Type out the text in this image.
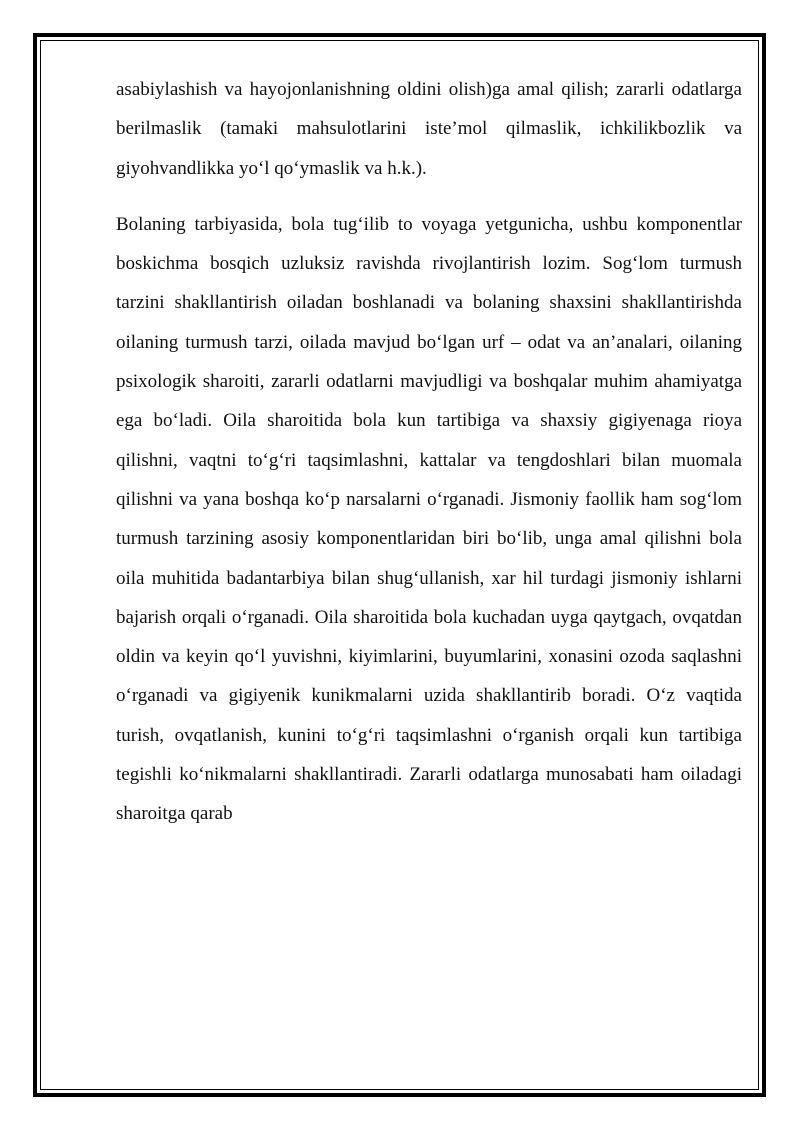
asabiylashish va hayojonlanishning oldini olish)ga amal qilish; zararli odatlarga berilmaslik (tamaki mahsulotlarini iste’mol qilmaslik, ichkilikbozlik va giyohvandlikka yo‘l qo‘ymaslik va h.k.).

Bolaning tarbiyasida, bola tug‘ilib to voyaga yetgunicha, ushbu komponentlar boskichma bosqich uzluksiz ravishda rivojlantirish lozim. Sog‘lom turmush tarzini shakllantirish oiladan boshlanadi va bolaning shaxsini shakllantirishda oilaning turmush tarzi, oilada mavjud bo‘lgan urf – odat va an’analari, oilaning psixologik sharoiti, zararli odatlarni mavjudligi va boshqalar muhim ahamiyatga ega bo‘ladi. Oila sharoitida bola kun tartibiga va shaxsiy gigiyenaga rioya qilishni, vaqtni to‘g‘ri taqsimlashni, kattalar va tengdoshlari bilan muomala qilishni va yana boshqa ko‘p narsalarni o‘rganadi. Jismoniy faollik ham sog‘lom turmush tarzining asosiy komponentlaridan biri bo‘lib, unga amal qilishni bola oila muhitida badantarbiya bilan shug‘ullanish, xar hil turdagi jismoniy ishlarni bajarish orqali o‘rganadi. Oila sharoitida bola kuchadan uyga qaytgach, ovqatdan oldin va keyin qo‘l yuvishni, kiyimlarini, buyumlarini, xonasini ozoda saqlashni o‘rganadi va gigiyenik kunikmalarni uzida shakllantirib boradi. O‘z vaqtida turish, ovqatlanish, kunini to‘g‘ri taqsimlashni o‘rganish orqali kun tartibiga tegishli ko‘nikmalarni shakllantiradi. Zararli odatlarga munosabati ham oiladagi sharoitga qarab
